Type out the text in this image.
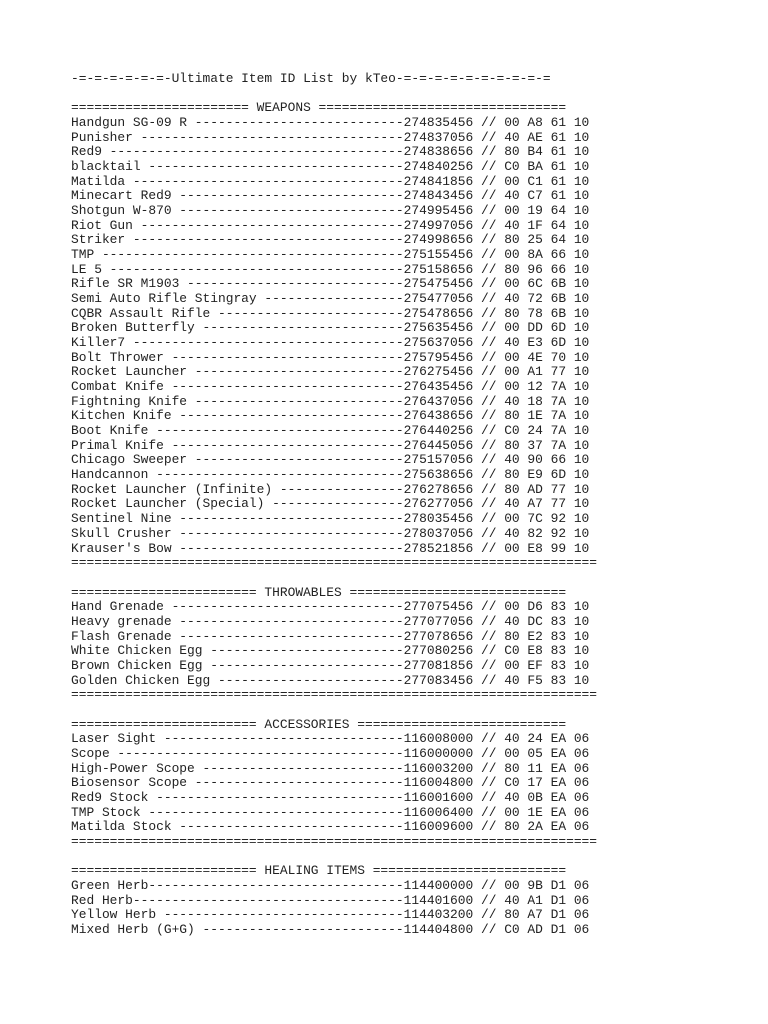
-=-=-=-=-=-=-Ultimate Item ID List by kTeo-=-=-=-=-=-=-=-=-=-=
======================= WEAPONS ================================
Handgun SG-09 R ---------------------------274835456 // 00 A8 61 10
Punisher ----------------------------------274837056 // 40 AE 61 10
Red9 --------------------------------------274838656 // 80 B4 61 10
blacktail ---------------------------------274840256 // C0 BA 61 10
Matilda -----------------------------------274841856 // 00 C1 61 10
Minecart Red9 -----------------------------274843456 // 40 C7 61 10
Shotgun W-870 -----------------------------274995456 // 00 19 64 10
Riot Gun ----------------------------------274997056 // 40 1F 64 10
Striker -----------------------------------274998656 // 80 25 64 10
TMP ---------------------------------------275155456 // 00 8A 66 10
LE 5 --------------------------------------275158656 // 80 96 66 10
Rifle SR M1903 ----------------------------275475456 // 00 6C 6B 10
Semi Auto Rifle Stingray ------------------275477056 // 40 72 6B 10
CQBR Assault Rifle ------------------------275478656 // 80 78 6B 10
Broken Butterfly --------------------------275635456 // 00 DD 6D 10
Killer7 -----------------------------------275637056 // 40 E3 6D 10
Bolt Thrower ------------------------------275795456 // 00 4E 70 10
Rocket Launcher ---------------------------276275456 // 00 A1 77 10
Combat Knife ------------------------------276435456 // 00 12 7A 10
Fightning Knife ---------------------------276437056 // 40 18 7A 10
Kitchen Knife -----------------------------276438656 // 80 1E 7A 10
Boot Knife --------------------------------276440256 // C0 24 7A 10
Primal Knife ------------------------------276445056 // 80 37 7A 10
Chicago Sweeper ---------------------------275157056 // 40 90 66 10
Handcannon --------------------------------275638656 // 80 E9 6D 10
Rocket Launcher (Infinite) ----------------276278656 // 80 AD 77 10
Rocket Launcher (Special) -----------------276277056 // 40 A7 77 10
Sentinel Nine -----------------------------278035456 // 00 7C 92 10
Skull Crusher -----------------------------278037056 // 40 82 92 10
Krauser's Bow -----------------------------278521856 // 00 E8 99 10
====================================================================
======================== THROWABLES ============================
Hand Grenade ------------------------------277075456 // 00 D6 83 10
Heavy grenade -----------------------------277077056 // 40 DC 83 10
Flash Grenade -----------------------------277078656 // 80 E2 83 10
White Chicken Egg -------------------------277080256 // C0 E8 83 10
Brown Chicken Egg -------------------------277081856 // 00 EF 83 10
Golden Chicken Egg ------------------------277083456 // 40 F5 83 10
====================================================================
======================== ACCESSORIES ===========================
Laser Sight -------------------------------116008000 // 40 24 EA 06
Scope -------------------------------------116000000 // 00 05 EA 06
High-Power Scope --------------------------116003200 // 80 11 EA 06
Biosensor Scope ---------------------------116004800 // C0 17 EA 06
Red9 Stock --------------------------------116001600 // 40 0B EA 06
TMP Stock ---------------------------------116006400 // 00 1E EA 06
Matilda Stock -----------------------------116009600 // 80 2A EA 06
====================================================================
======================== HEALING ITEMS =========================
Green Herb---------------------------------114400000 // 00 9B D1 06
Red Herb-----------------------------------114401600 // 40 A1 D1 06
Yellow Herb -------------------------------114403200 // 80 A7 D1 06
Mixed Herb (G+G) --------------------------114404800 // C0 AD D1 06
